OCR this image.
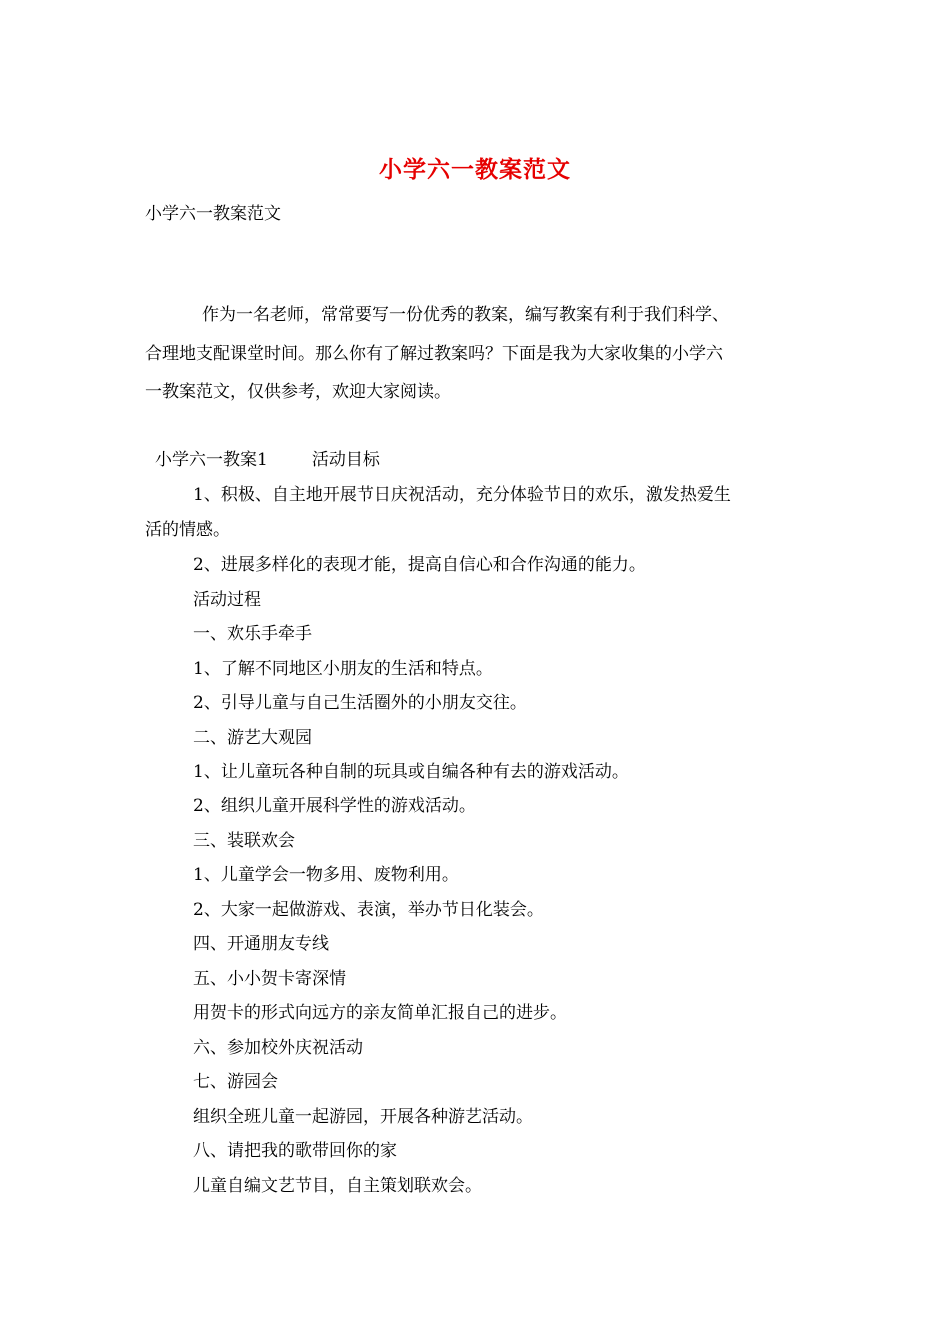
小学六一教案范文
小学六一教案范文
作为一名老师，常常要写一份优秀的教案，编写教案有利于我们科学、
合理地支配课堂时间。那么你有了解过教案吗？下面是我为大家收集的小学六
一教案范文，仅供参考，欢迎大家阅读。
小学六一教案1	活动目标
1、积极、自主地开展节日庆祝活动，充分体验节日的欢乐，激发热爱生
活的情感。
2、进展多样化的表现才能，提高自信心和合作沟通的能力。
活动过程
一、欢乐手牵手
1、了解不同地区小朋友的生活和特点。
2、引导儿童与自己生活圈外的小朋友交往。
二、游艺大观园
1、让儿童玩各种自制的玩具或自编各种有去的游戏活动。
2、组织儿童开展科学性的游戏活动。
三、装联欢会
1、儿童学会一物多用、废物利用。
2、大家一起做游戏、表演，举办节日化装会。
四、开通朋友专线
五、小小贺卡寄深情
用贺卡的形式向远方的亲友简单汇报自己的进步。
六、参加校外庆祝活动
七、游园会
组织全班儿童一起游园，开展各种游艺活动。
八、请把我的歌带回你的家
儿童自编文艺节目，自主策划联欢会。
